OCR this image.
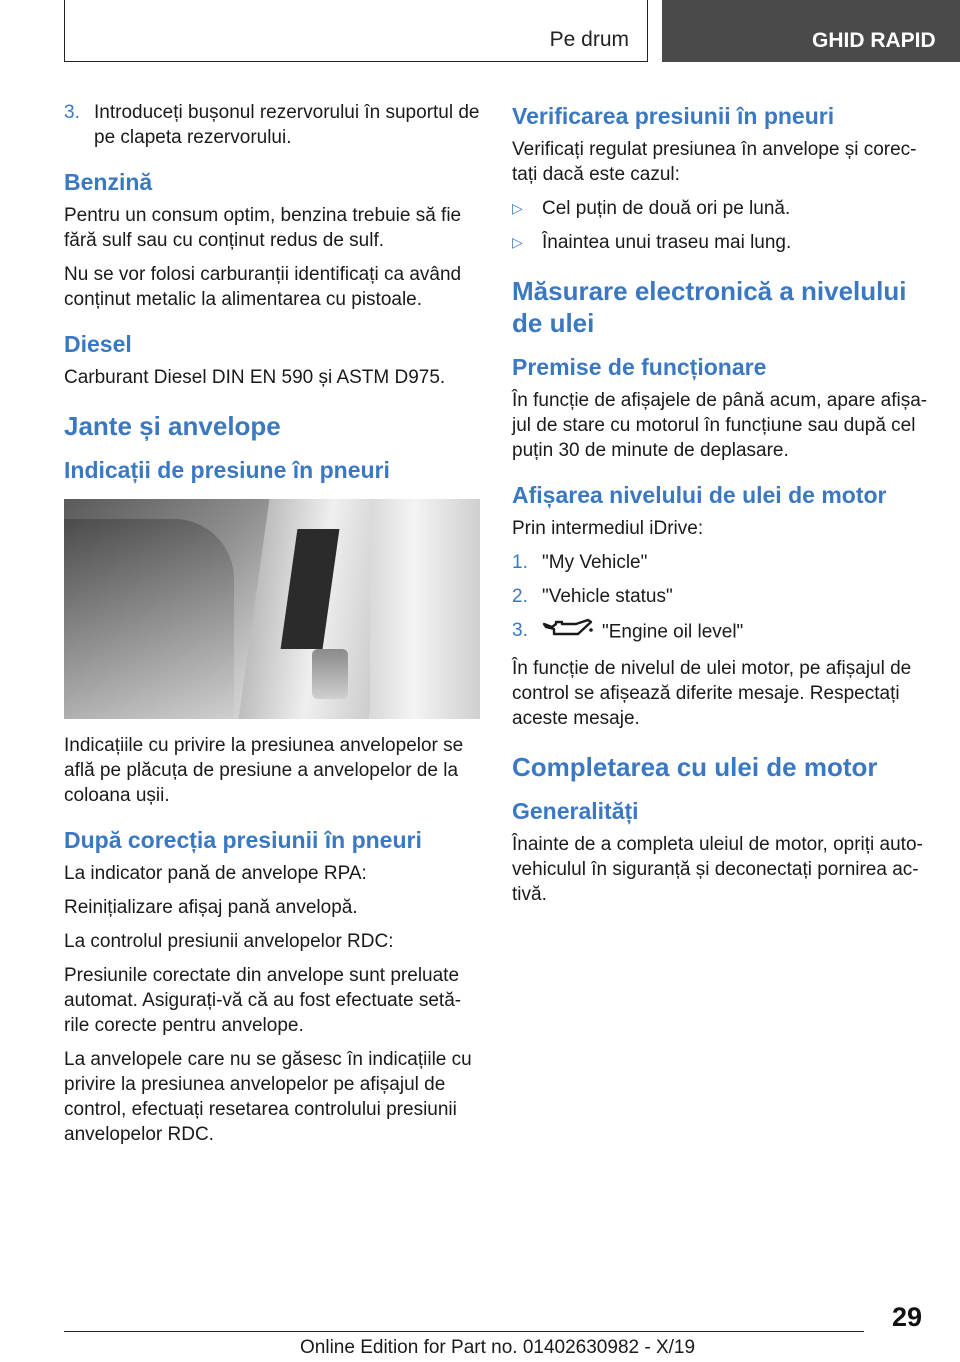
Pe drum	GHID RAPID
3. Introduceți bușonul rezervorului în suportul de pe clapeta rezervorului.
Benzină

Pentru un consum optim, benzina trebuie să fie fără sulf sau cu conținut redus de sulf.

Nu se vor folosi carburanții identificați ca având conținut metalic la alimentarea cu pistoale.

Diesel

Carburant Diesel DIN EN 590 și ASTM D975.

Jante și anvelope
Indicații de presiune în pneuri

Indicațiile cu privire la presiunea anvelopelor se află pe plăcuța de presiune a anvelopelor de la coloana ușii.

După corecția presiunii în pneuri

La indicator pană de anvelope RPA:

Reinițializare afișaj pană anvelopă.

La controlul presiunii anvelopelor RDC:

Presiunile corectate din anvelope sunt preluate automat. Asigurați-vă că au fost efectuate setă-rile corecte pentru anvelope.

La anvelopele care nu se găsesc în indicațiile cu privire la presiunea anvelopelor pe afișajul de control, efectuați resetarea controlului presiunii anvelopelor RDC.

Verificarea presiunii în pneuri

Verificați regulat presiunea în anvelope și corec-tați dacă este cazul:

▷ Cel puțin de două ori pe lună.
▷ Înaintea unui traseu mai lung.
Măsurare electronică a nivelului de ulei
Premise de funcționare

În funcție de afișajele de până acum, apare afișa-jul de stare cu motorul în funcțiune sau după cel puțin 30 de minute de deplasare.

Afișarea nivelului de ulei de motor

Prin intermediul iDrive:

1. "My Vehicle"
2. "Vehicle status"
3.	"Engine oil level"

În funcție de nivelul de ulei motor, pe afișajul de control se afișează diferite mesaje. Respectați aceste mesaje.

Completarea cu ulei de motor
Generalități

Înainte de a completa uleiul de motor, opriți auto-vehiculul în siguranță și deconectați pornirea ac-tivă.

29
Online Edition for Part no. 01402630982 - X/19
